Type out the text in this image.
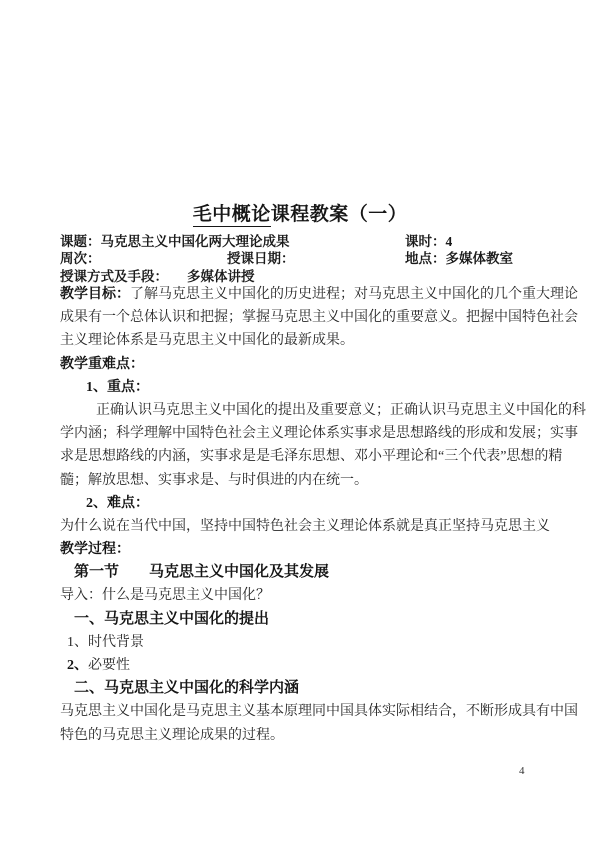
毛中概论课程教案（一）
课题：马克思主义中国化两大理论成果	课时：4
周次：	授课日期：	地点：多媒体教室
授课方式及手段： 多媒体讲授
教学目标：了解马克思主义中国化的历史进程；对马克思主义中国化的几个重大理论
成果有一个总体认识和把握；掌握马克思主义中国化的重要意义。把握中国特色社会
主义理论体系是马克思主义中国化的最新成果。
教学重难点：
1、重点：
正确认识马克思主义中国化的提出及重要意义；正确认识马克思主义中国化的科
学内涵；科学理解中国特色社会主义理论体系实事求是思想路线的形成和发展；实事
求是思想路线的内涵，实事求是是毛泽东思想、邓小平理论和“三个代表”思想的精
髓；解放思想、实事求是、与时俱进的内在统一。
2、难点：
为什么说在当代中国，坚持中国特色社会主义理论体系就是真正坚持马克思主义
教学过程：
第一节　　马克思主义中国化及其发展
导入：什么是马克思主义中国化？
一、马克思主义中国化的提出
1、时代背景
2、必要性
二、马克思主义中国化的科学内涵
马克思主义中国化是马克思主义基本原理同中国具体实际相结合，不断形成具有中国
特色的马克思主义理论成果的过程。
4
